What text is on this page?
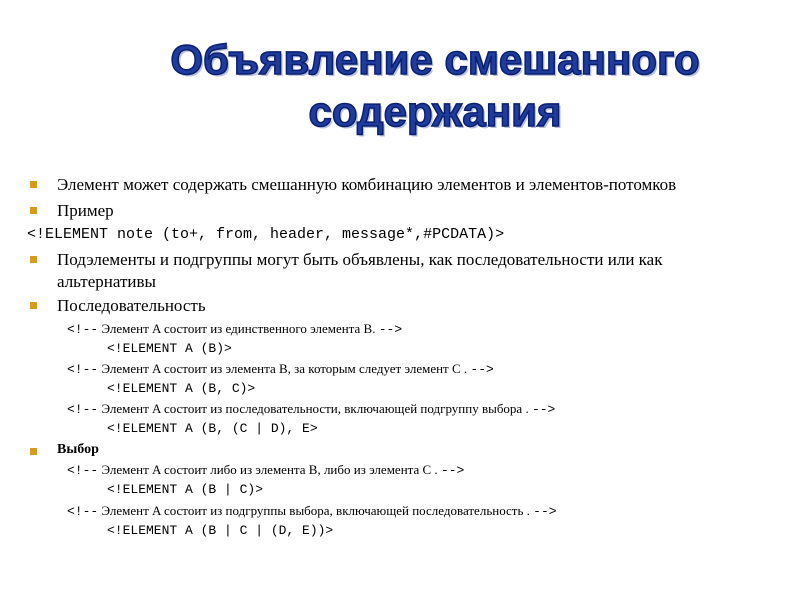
Объявление смешанного
содержания
Элемент может содержать смешанную комбинацию элементов и элементов-потомков
Пример
<!ELEMENT note (to+, from, header, message*,#PCDATA)>
Подэлементы и подгруппы могут быть объявлены, как последовательности или как
альтернативы
Последовательность
<!-- Элемент A состоит из единственного элемента B. -->
<!ELEMENT A (B)>
<!-- Элемент A состоит из элемента B, за которым следует элемент C . -->
<!ELEMENT A (B, C)>
<!-- Элемент A состоит из последовательности, включающей подгруппу выбора . -->
<!ELEMENT A (B, (C | D), E>
Выбор
<!-- Элемент A состоит либо из элемента B, либо из элемента C . -->
<!ELEMENT A (B | C)>
<!-- Элемент A состоит из подгруппы выбора, включающей последовательность . -->
<!ELEMENT A (B | C | (D, E))>
